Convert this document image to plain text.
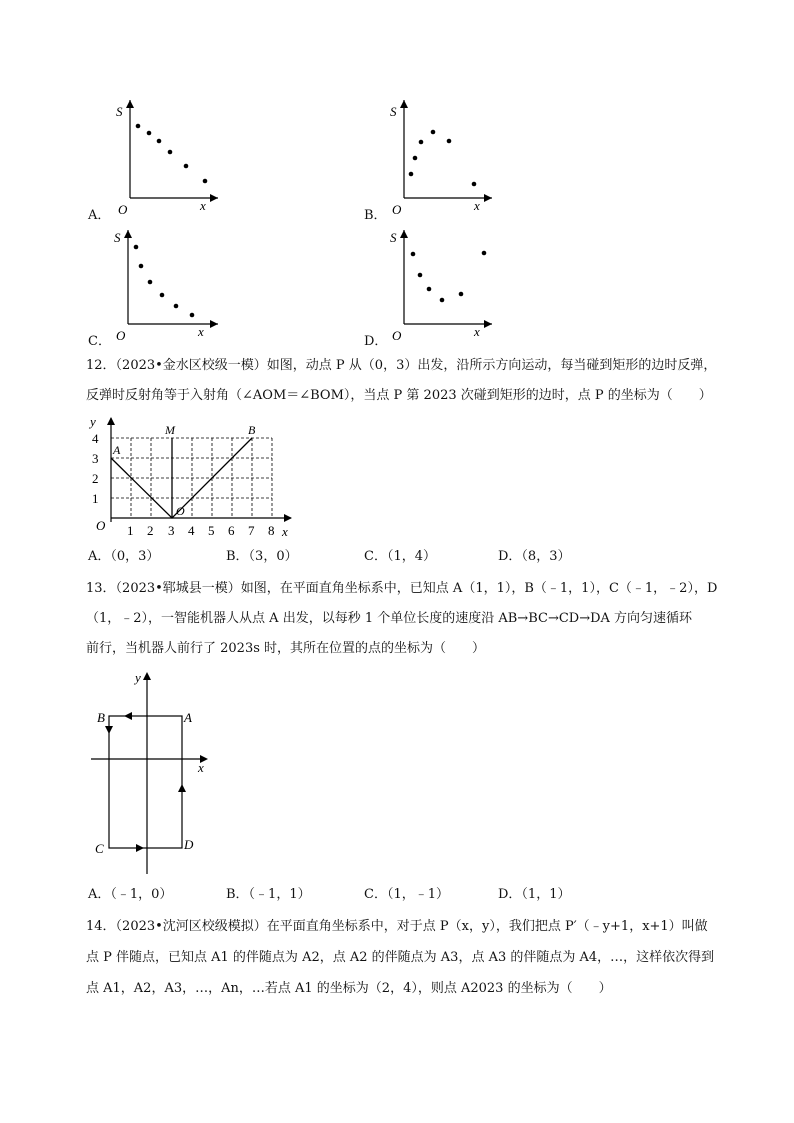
A．
S
x
O	B．
S
x
O
C．
S
x
O	D．
S
x
O
12．（2023•金水区校级一模）如图，动点 P 从（0，3）出发，沿所示方向运动，每当碰到矩形的边时反弹，
反弹时反射角等于入射角（∠AOM＝∠BOM），当点 P 第 2023 次碰到矩形的边时，点 P 的坐标为（　　）
y
x
O
4
3
2
1
1 2 3 4 5 6 7 8
A
M	B
O
A．（0，3）	B．（3，0）	C．（1，4）	D．（8，3）
13．（2023•郓城县一模）如图，在平面直角坐标系中，已知点 A（1，1），B（﹣1，1），C（﹣1，﹣2），D
（1，﹣2），一智能机器人从点 A 出发，以每秒 1 个单位长度的速度沿 AB→BC→CD→DA 方向匀速循环
前行，当机器人前行了 2023s 时，其所在位置的点的坐标为（　　）
y
x
A
B
C	D
A．（﹣1，0）	B．（﹣1，1）	C．（1，﹣1）	D．（1，1）
14．（2023•沈河区校级模拟）在平面直角坐标系中，对于点 P（x，y），我们把点 P′（﹣y+1，x+1）叫做
点 P 伴随点，已知点 A1 的伴随点为 A2，点 A2 的伴随点为 A3，点 A3 的伴随点为 A4，…，这样依次得到
点 A1，A2，A3，…，An，…若点 A1 的坐标为（2，4），则点 A2023 的坐标为（　　）
